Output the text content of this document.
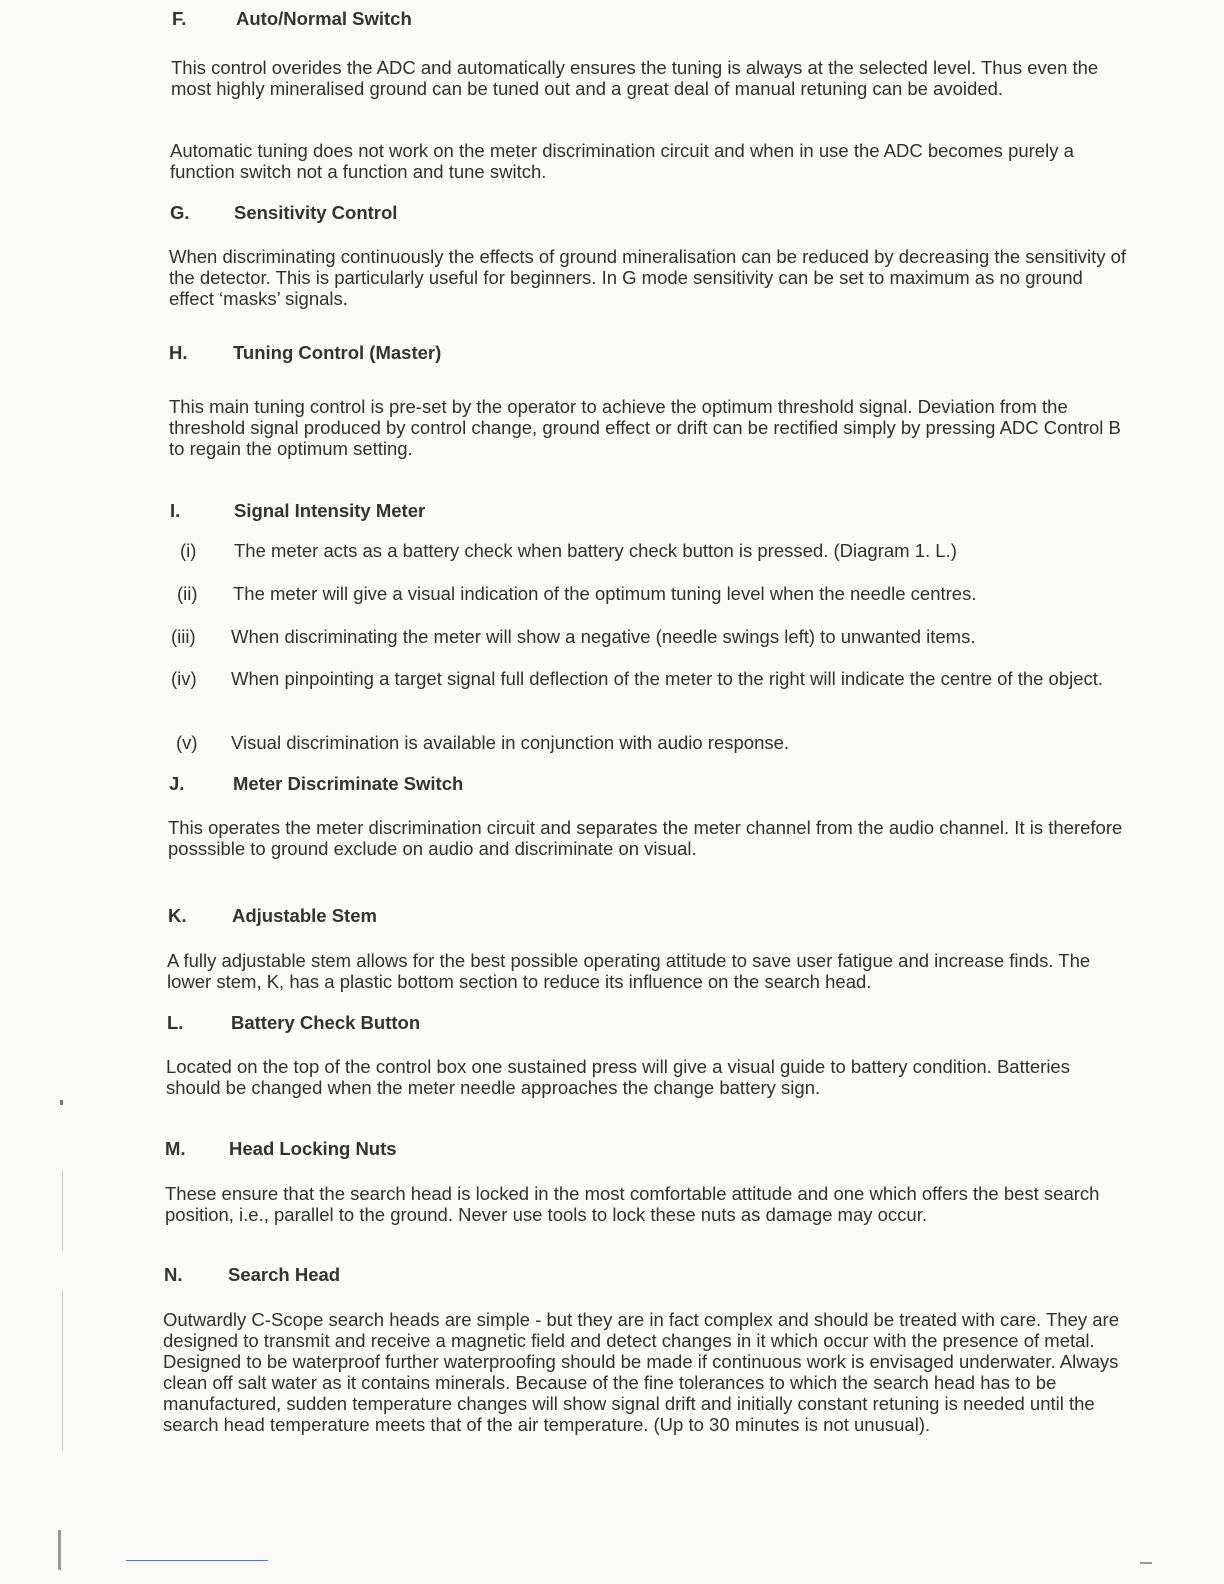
F.	Auto/Normal Switch

This control overides the ADC and automatically ensures the tuning is always at the selected level. Thus even the most highly mineralised ground can be tuned out and a great deal of manual retuning can be avoided.

Automatic tuning does not work on the meter discrimination circuit and when in use the ADC becomes purely a function switch not a function and tune switch.

G. Sensitivity Control

When discriminating continuously the effects of ground mineralisation can be reduced by decreasing the sensitivity of the detector. This is particularly useful for beginners. In G mode sensitivity can be set to maximum as no ground effect ‘masks’ signals.

H. Tuning Control (Master)

This main tuning control is pre-set by the operator to achieve the optimum threshold signal. Deviation from the threshold signal produced by control change, ground effect or drift can be rectified simply by pressing ADC Control B to regain the optimum setting.

I.	Signal Intensity Meter
(i) The meter acts as a battery check when battery check button is pressed. (Diagram 1. L.)
(ii) The meter will give a visual indication of the optimum tuning level when the needle centres.
(iii) When discriminating the meter will show a negative (needle swings left) to unwanted items.
(iv) When pinpointing a target signal full deflection of the meter to the right will indicate the centre of the object.
(v) Visual discrimination is available in conjunction with audio response.
J.	Meter Discriminate Switch

This operates the meter discrimination circuit and separates the meter channel from the audio channel. It is therefore posssible to ground exclude on audio and discriminate on visual.

K. Adjustable Stem

A fully adjustable stem allows for the best possible operating attitude to save user fatigue and increase finds. The lower stem, K, has a plastic bottom section to reduce its influence on the search head.

L.	Battery Check Button

Located on the top of the control box one sustained press will give a visual guide to battery condition. Batteries should be changed when the meter needle approaches the change battery sign.

M. Head Locking Nuts

These ensure that the search head is locked in the most comfortable attitude and one which offers the best search position, i.e., parallel to the ground. Never use tools to lock these nuts as damage may occur.

N. Search Head

Outwardly C-Scope search heads are simple - but they are in fact complex and should be treated with care. They are designed to transmit and receive a magnetic field and detect changes in it which occur with the presence of metal. Designed to be waterproof further waterproofing should be made if continuous work is envisaged underwater. Always clean off salt water as it contains minerals. Because of the fine tolerances to which the search head has to be manufactured, sudden temperature changes will show signal drift and initially constant retuning is needed until the search head temperature meets that of the air temperature. (Up to 30 minutes is not unusual).
